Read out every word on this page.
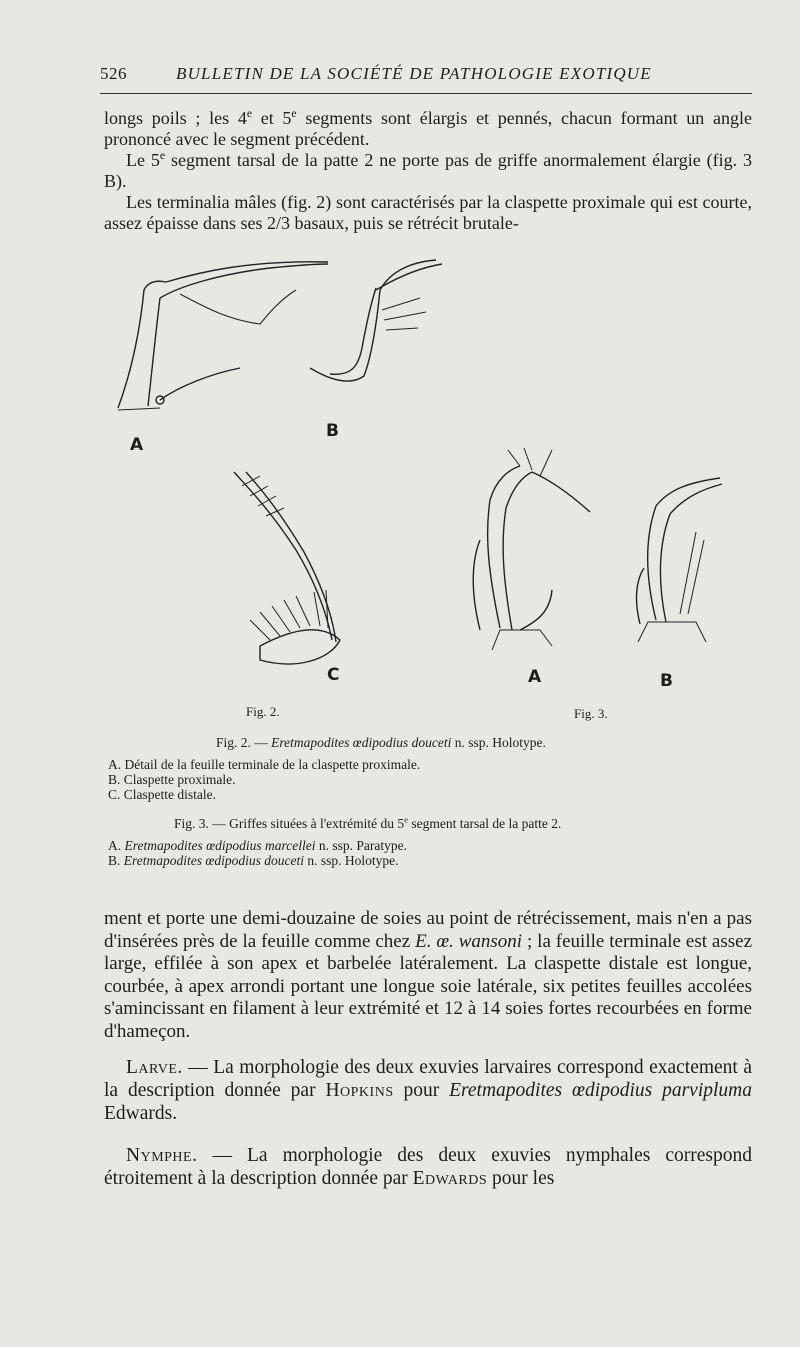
526	BULLETIN DE LA SOCIÉTÉ DE PATHOLOGIE EXOTIQUE
longs poils ; les 4e et 5e segments sont élargis et pennés, chacun formant un angle prononcé avec le segment précédent.
Le 5e segment tarsal de la patte 2 ne porte pas de griffe anormalement élargie (fig. 3 B).
Les terminalia mâles (fig. 2) sont caractérisés par la claspette proximale qui est courte, assez épaisse dans ses 2/3 basaux, puis se rétrécit brutale-
A
B
C	A	B
Fig. 2.	Fig. 3.

Fig. 2. — Eretmapodites œdipodius douceti n. ssp. Holotype.

A. Détail de la feuille terminale de la claspette proximale.

B. Claspette proximale.

C. Claspette distale.

Fig. 3. — Griffes situées à l'extrémité du 5e segment tarsal de la patte 2.

A. Eretmapodites œdipodius marcellei n. ssp. Paratype.

B. Eretmapodites œdipodius douceti n. ssp. Holotype.

ment et porte une demi-douzaine de soies au point de rétrécissement, mais n'en a pas d'insérées près de la feuille comme chez E. œ. wansoni ; la feuille terminale est assez large, effilée à son apex et barbelée latéralement. La claspette distale est longue, courbée, à apex arrondi portant une longue soie latérale, six petites feuilles accolées s'amincissant en filament à leur extrémité et 12 à 14 soies fortes recourbées en forme d'hameçon.

Larve. — La morphologie des deux exuvies larvaires correspond exactement à la description donnée par Hopkins pour Eretmapodites œdipodius parvipluma Edwards.

Nymphe. — La morphologie des deux exuvies nymphales correspond étroitement à la description donnée par Edwards pour les
